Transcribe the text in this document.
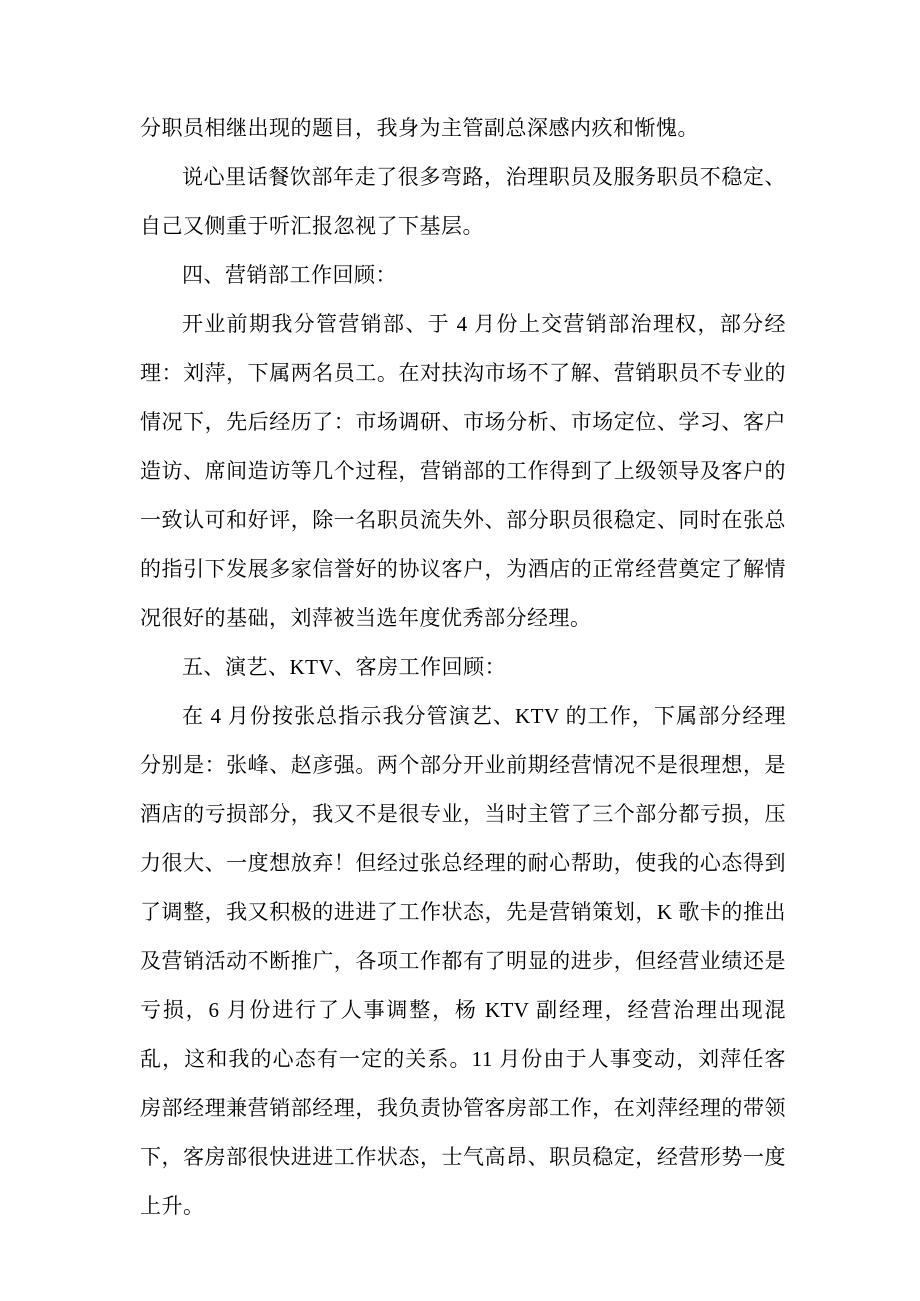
分职员相继出现的题目，我身为主管副总深感内疚和惭愧。

说心里话餐饮部年走了很多弯路，治理职员及服务职员不稳定、自己又侧重于听汇报忽视了下基层。

四、营销部工作回顾：

开业前期我分管营销部、于 4 月份上交营销部治理权，部分经理：刘萍，下属两名员工。在对扶沟市场不了解、营销职员不专业的情况下，先后经历了：市场调研、市场分析、市场定位、学习、客户造访、席间造访等几个过程，营销部的工作得到了上级领导及客户的一致认可和好评，除一名职员流失外、部分职员很稳定、同时在张总的指引下发展多家信誉好的协议客户，为酒店的正常经营奠定了解情况很好的基础，刘萍被当选年度优秀部分经理。

五、演艺、KTV、客房工作回顾：

在 4 月份按张总指示我分管演艺、KTV 的工作，下属部分经理分别是：张峰、赵彦强。两个部分开业前期经营情况不是很理想，是酒店的亏损部分，我又不是很专业，当时主管了三个部分都亏损，压力很大、一度想放弃！但经过张总经理的耐心帮助，使我的心态得到了调整，我又积极的进进了工作状态，先是营销策划，K 歌卡的推出及营销活动不断推广，各项工作都有了明显的进步，但经营业绩还是亏损，6 月份进行了人事调整，杨 KTV 副经理，经营治理出现混乱，这和我的心态有一定的关系。11 月份由于人事变动，刘萍任客房部经理兼营销部经理，我负责协管客房部工作，在刘萍经理的带领下，客房部很快进进工作状态，士气高昂、职员稳定，经营形势一度上升。
